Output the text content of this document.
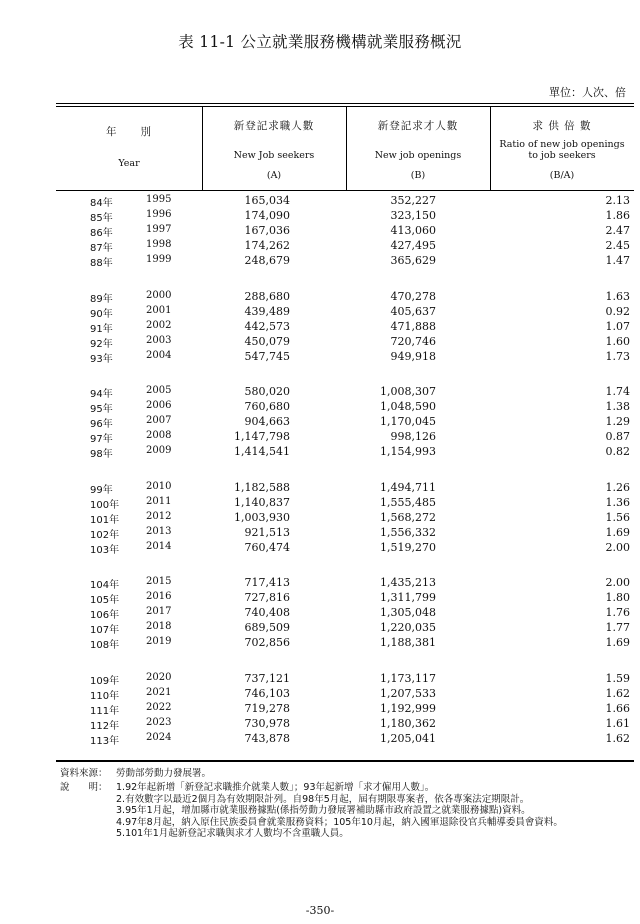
表 11-1 公立就業服務機構就業服務概況
單位：人次、倍
年　　別
Year
新登記求職人數
New Job seekers
(A)
新登記求才人數
New job openings
(B)
求 供 倍 數
Ratio of new job openings
to job seekers
(B/A)
84年	1995	165,034	352,227	2.13
85年	1996	174,090	323,150	1.86
86年	1997	167,036	413,060	2.47
87年	1998	174,262	427,495	2.45
88年	1999	248,679	365,629	1.47
89年	2000	288,680	470,278	1.63
90年	2001	439,489	405,637	0.92
91年	2002	442,573	471,888	1.07
92年	2003	450,079	720,746	1.60
93年	2004	547,745	949,918	1.73
94年	2005	580,020	1,008,307	1.74
95年	2006	760,680	1,048,590	1.38
96年	2007	904,663	1,170,045	1.29
97年	2008	1,147,798	998,126	0.87
98年	2009	1,414,541	1,154,993	0.82
99年	2010	1,182,588	1,494,711	1.26
100年	2011	1,140,837	1,555,485	1.36
101年	2012	1,003,930	1,568,272	1.56
102年	2013	921,513	1,556,332	1.69
103年	2014	760,474	1,519,270	2.00
104年	2015	717,413	1,435,213	2.00
105年	2016	727,816	1,311,799	1.80
106年	2017	740,408	1,305,048	1.76
107年	2018	689,509	1,220,035	1.77
108年	2019	702,856	1,188,381	1.69
109年	2020	737,121	1,173,117	1.59
110年	2021	746,103	1,207,533	1.62
111年	2022	719,278	1,192,999	1.66
112年	2023	730,978	1,180,362	1.61
113年	2024	743,878	1,205,041	1.62
資料來源： 勞動部勞動力發展署。
說　　明： 1.92年起新增「新登記求職推介就業人數」；93年起新增「求才僱用人數」。
2.有效數字以最近2個月為有效期限計列。自98年5月起，屆有期限專案者，依各專案法定期限計。
3.95年1月起，增加縣市就業服務據點(係指勞動力發展署補助縣市政府設置之就業服務據點)資料。
4.97年8月起，納入原住民族委員會就業服務資料；105年10月起，納入國軍退除役官兵輔導委員會資料。
5.101年1月起新登記求職與求才人數均不含重職人員。
-350-
